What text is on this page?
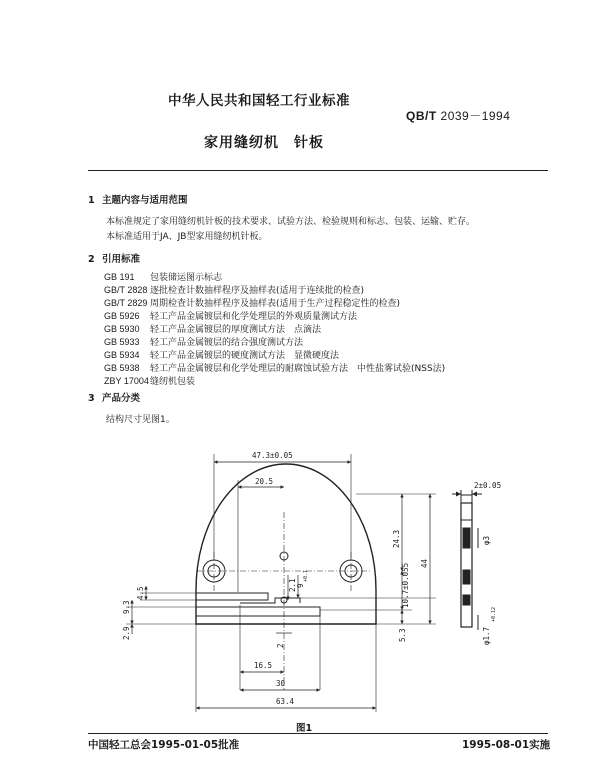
中华人民共和国轻工行业标准
QB/T 2039－1994
家用缝纫机　针板
1 主题内容与适用范围
本标准规定了家用缝纫机针板的技术要求、试验方法、检验规则和标志、包装、运输、贮存。
本标准适用于JA、JB型家用缝纫机针板。
2 引用标准
GB 191 包装储运图示标志
GB/T 2828 逐批检查计数抽样程序及抽样表(适用于连续批的检查)
GB/T 2829 周期检查计数抽样程序及抽样表(适用于生产过程稳定性的检查)
GB 5926 轻工产品金属镀层和化学处理层的外观质量测试方法
GB 5930 轻工产品金属镀层的厚度测试方法　点滴法
GB 5933 轻工产品金属镀层的结合强度测试方法
GB 5934 轻工产品金属镀层的硬度测试方法　显微硬度法
GB 5938 轻工产品金属镀层和化学处理层的耐腐蚀试验方法　中性盐雾试验(NSS法)
ZBY 17004缝纫机包装
3 产品分类
结构尺寸见图1。
47.3±0.05
20.5
24.3
44
10.7±0.055
5.3
2.1 9
+0.1
4.5
9.3
2.9
2
16.5
30
63.4
2±0.05
φ3
φ1.7
+0.12
图1
中国轻工总会1995-01-05批准	1995-08-01实施
